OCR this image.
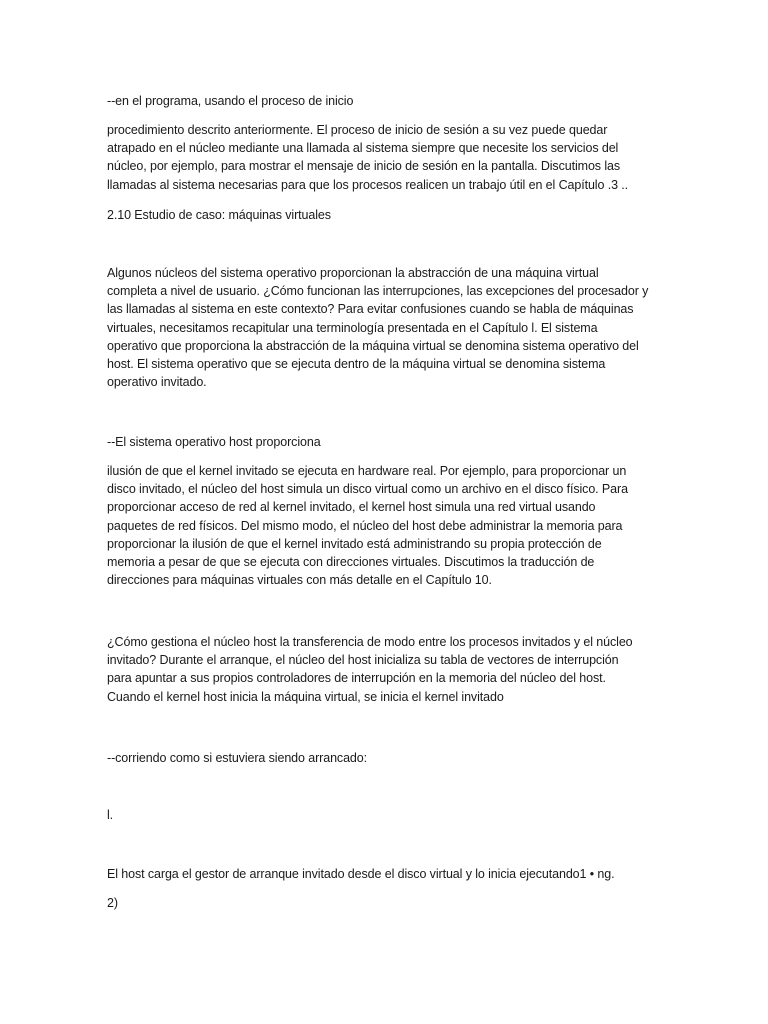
--en el programa, usando el proceso de inicio

procedimiento descrito anteriormente. El proceso de inicio de sesión a su vez puede quedar
atrapado en el núcleo mediante una llamada al sistema siempre que necesite los servicios del
núcleo, por ejemplo, para mostrar el mensaje de inicio de sesión en la pantalla. Discutimos las
llamadas al sistema necesarias para que los procesos realicen un trabajo útil en el Capítulo .3 ..

2.10 Estudio de caso: máquinas virtuales

Algunos núcleos del sistema operativo proporcionan la abstracción de una máquina virtual
completa a nivel de usuario. ¿Cómo funcionan las interrupciones, las excepciones del procesador y
las llamadas al sistema en este contexto? Para evitar confusiones cuando se habla de máquinas
virtuales, necesitamos recapitular una terminología presentada en el Capítulo l. El sistema
operativo que proporciona la abstracción de la máquina virtual se denomina sistema operativo del
host. El sistema operativo que se ejecuta dentro de la máquina virtual se denomina sistema
operativo invitado.

--El sistema operativo host proporciona

ilusión de que el kernel invitado se ejecuta en hardware real. Por ejemplo, para proporcionar un
disco invitado, el núcleo del host simula un disco virtual como un archivo en el disco físico. Para
proporcionar acceso de red al kernel invitado, el kernel host simula una red virtual usando
paquetes de red físicos. Del mismo modo, el núcleo del host debe administrar la memoria para
proporcionar la ilusión de que el kernel invitado está administrando su propia protección de
memoria a pesar de que se ejecuta con direcciones virtuales. Discutimos la traducción de
direcciones para máquinas virtuales con más detalle en el Capítulo 10.

¿Cómo gestiona el núcleo host la transferencia de modo entre los procesos invitados y el núcleo
invitado? Durante el arranque, el núcleo del host inicializa su tabla de vectores de interrupción
para apuntar a sus propios controladores de interrupción en la memoria del núcleo del host.
Cuando el kernel host inicia la máquina virtual, se inicia el kernel invitado

--corriendo como si estuviera siendo arrancado:

l.

El host carga el gestor de arranque invitado desde el disco virtual y lo inicia ejecutando1 • ng.

2)
